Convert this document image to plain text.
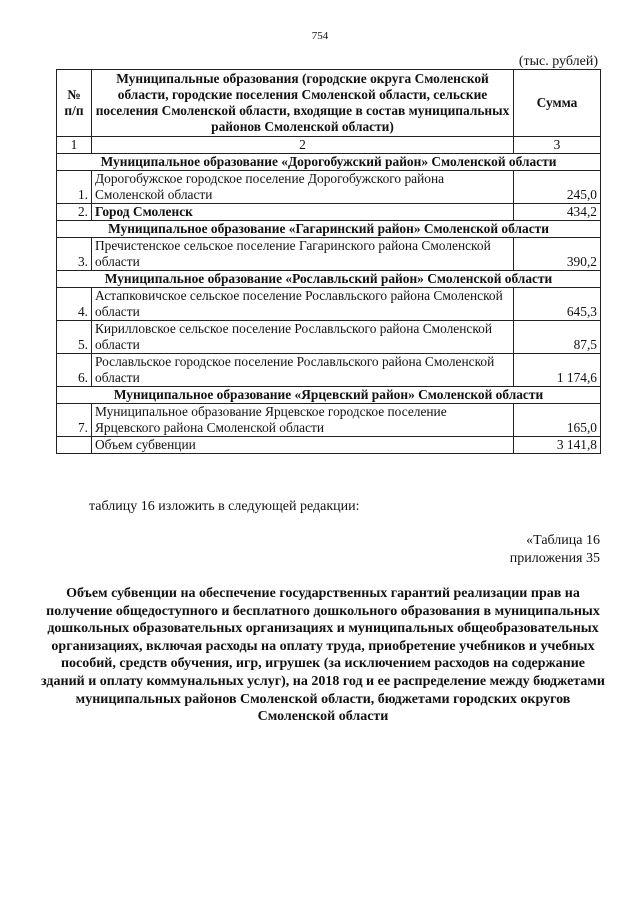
754
(тыс. рублей)
№ п/п	Муниципальные образования (городские округа Смоленской области, городские поселения Смоленской области, сельские поселения Смоленской области, входящие в состав муниципальных районов Смоленской области)	Сумма
1	2	3
Муниципальное образование «Дорогобужский район» Смоленской области		
1.	Дорогобужское городское поселение Дорогобужского района Смоленской области	245,0
2.	Город Смоленск	434,2
Муниципальное образование «Гагаринский район» Смоленской области		
3.	Пречистенское сельское поселение Гагаринского района Смоленской области	390,2
Муниципальное образование «Рославльский район» Смоленской области		
4.	Астапковичское сельское поселение Рославльского района Смоленской области	645,3
5.	Кирилловское сельское поселение Рославльского района Смоленской области	87,5
6.	Рославльское городское поселение Рославльского района Смоленской области	1 174,6
Муниципальное образование «Ярцевский район» Смоленской области		
7.	Муниципальное образование Ярцевское городское поселение Ярцевского района Смоленской области	165,0
	Объем субвенции	3 141,8
таблицу 16 изложить в следующей редакции:
«Таблица 16
приложения 35
Объем субвенции на обеспечение государственных гарантий реализации прав на получение общедоступного и бесплатного дошкольного образования в муниципальных дошкольных образовательных организациях и муниципальных общеобразовательных организациях, включая расходы на оплату труда, приобретение учебников и учебных пособий, средств обучения, игр, игрушек (за исключением расходов на содержание зданий и оплату коммунальных услуг), на 2018 год и ее распределение между бюджетами муниципальных районов Смоленской области, бюджетами городских округов Смоленской области
